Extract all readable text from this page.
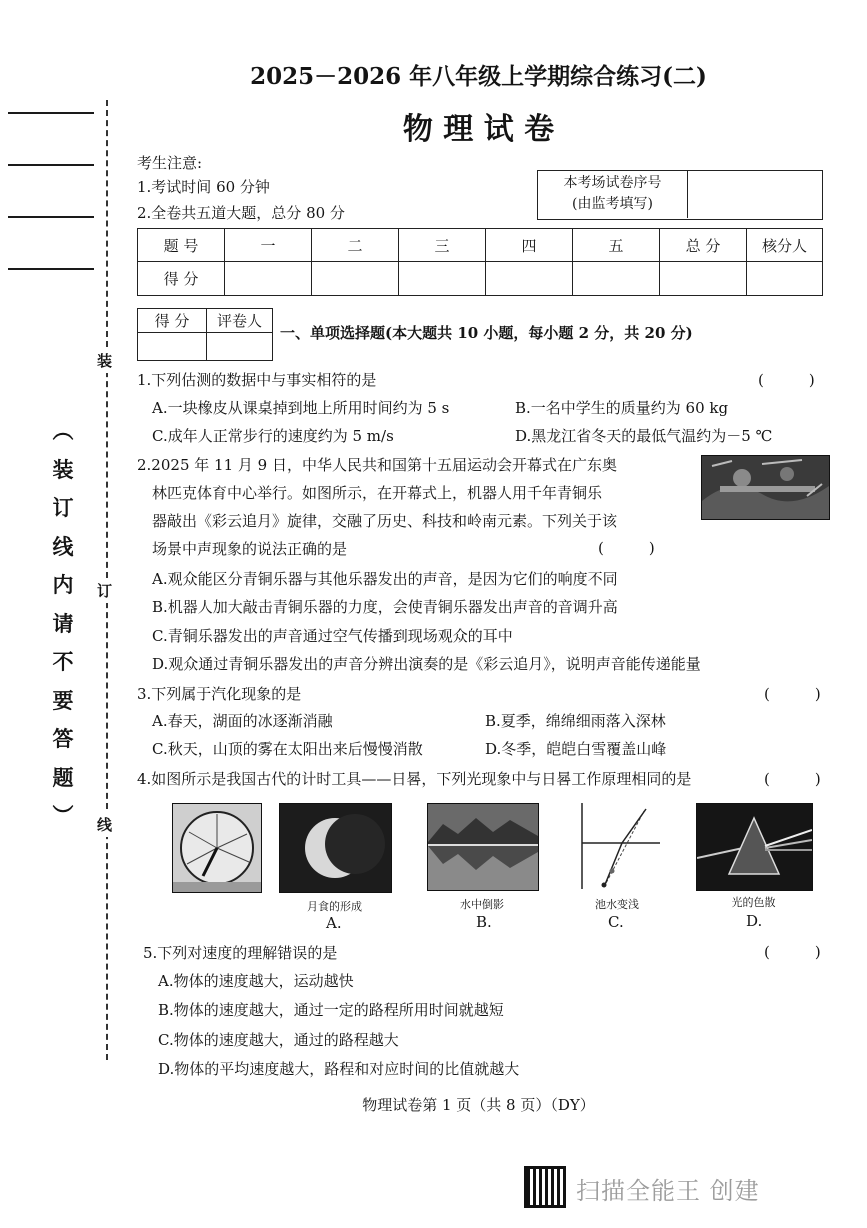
装
订
线
︵
装
订
线
内
请
不
要
答
题
︶
2025－2026 年八年级上学期综合练习(二)
物 理 试 卷
考生注意:
1.考试时间 60 分钟
2.全卷共五道大题，总分 80 分
本考场试卷序号
(由监考填写)
题 号	一	二	三	四	五	总 分	核分人
得 分							
得 分	评卷人

一、单项选择题(本大题共 10 小题，每小题 2 分，共 20 分)
1.下列估测的数据中与事实相符的是	(　　　)
A.一块橡皮从课桌掉到地上所用时间约为 5 s	B.一名中学生的质量约为 60 kg
C.成年人正常步行的速度约为 5 m/s	D.黑龙江省冬天的最低气温约为－5 ℃
2.2025 年 11 月 9 日，中华人民共和国第十五届运动会开幕式在广东奥
林匹克体育中心举行。如图所示，在开幕式上，机器人用千年青铜乐
器敲出《彩云追月》旋律，交融了历史、科技和岭南元素。下列关于该
场景中声现象的说法正确的是	(　　　)
A.观众能区分青铜乐器与其他乐器发出的声音，是因为它们的响度不同
B.机器人加大敲击青铜乐器的力度，会使青铜乐器发出声音的音调升高
C.青铜乐器发出的声音通过空气传播到现场观众的耳中
D.观众通过青铜乐器发出的声音分辨出演奏的是《彩云追月》，说明声音能传递能量
3.下列属于汽化现象的是	(　　　)
A.春天，湖面的冰逐渐消融	B.夏季，绵绵细雨落入深林
C.秋天，山顶的雾在太阳出来后慢慢消散	D.冬季，皑皑白雪覆盖山峰
4.如图所示是我国古代的计时工具——日晷，下列光现象中与日晷工作原理相同的是	(　　　)
月食的形成	水中倒影	池水变浅	光的色散
A.	B.	C.	D.
5.下列对速度的理解错误的是	(　　　)
A.物体的速度越大，运动越快
B.物体的速度越大，通过一定的路程所用时间就越短
C.物体的速度越大，通过的路程越大
D.物体的平均速度越大，路程和对应时间的比值就越大
物理试卷第 1 页（共 8 页）（DY）
扫描全能王 创建
